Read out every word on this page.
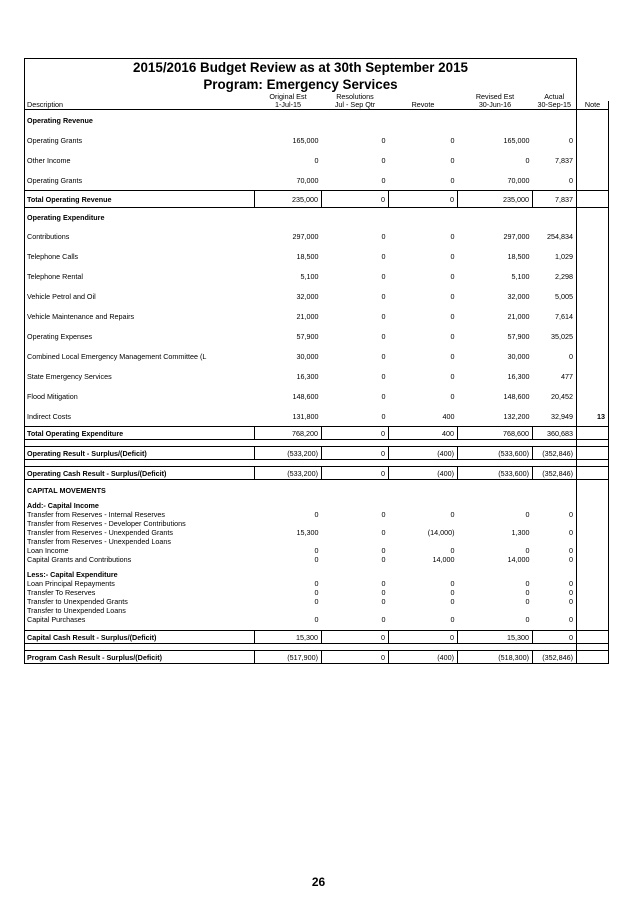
2015/2016 Budget Review as at 30th September 2015						
Program: Emergency Services						
	Original Est	Resolutions		Revised Est	Actual	
Description	1-Jul-15	Jul - Sep Qtr	Revote	30-Jun-16	30-Sep-15	Note
Operating Revenue						
Operating Grants	165,000	0	0	165,000	0	
Other Income	0	0	0	0	7,837	
Operating Grants	70,000	0	0	70,000	0	
Total Operating Revenue	235,000	0	0	235,000	7,837	
Operating Expenditure						
Contributions	297,000	0	0	297,000	254,834	
Telephone Calls	18,500	0	0	18,500	1,029	
Telephone Rental	5,100	0	0	5,100	2,298	
Vehicle Petrol and Oil	32,000	0	0	32,000	5,005	
Vehicle Maintenance and Repairs	21,000	0	0	21,000	7,614	
Operating Expenses	57,900	0	0	57,900	35,025	
Combined Local Emergency Management Committee (L	30,000	0	0	30,000	0	
State Emergency Services	16,300	0	0	16,300	477	
Flood Mitigation	148,600	0	0	148,600	20,452	
Indirect Costs	131,800	0	400	132,200	32,949	13
Total Operating Expenditure	768,200	0	400	768,600	360,683	

Operating Result - Surplus/(Deficit)	(533,200)	0	(400)	(533,600)	(352,846)	

Operating Cash Result - Surplus/(Deficit)	(533,200)	0	(400)	(533,600)	(352,846)	

CAPITAL MOVEMENTS						

Add:- Capital Income						
Transfer from Reserves - Internal Reserves	0	0	0	0	0	
Transfer from Reserves - Developer Contributions						
Transfer from Reserves - Unexpended Grants	15,300	0	(14,000)	1,300	0	
Transfer from Reserves - Unexpended Loans						
Loan Income	0	0	0	0	0	
Capital Grants and Contributions	0	0	14,000	14,000	0	

Less:- Capital Expenditure						
Loan Principal Repayments	0	0	0	0	0	
Transfer To Reserves	0	0	0	0	0	
Transfer to Unexpended Grants	0	0	0	0	0	
Transfer to Unexpended Loans						
Capital Purchases	0	0	0	0	0	

Capital Cash Result - Surplus/(Deficit)	15,300	0	0	15,300	0	

Program Cash Result - Surplus/(Deficit)	(517,900)	0	(400)	(518,300)	(352,846)	
26
